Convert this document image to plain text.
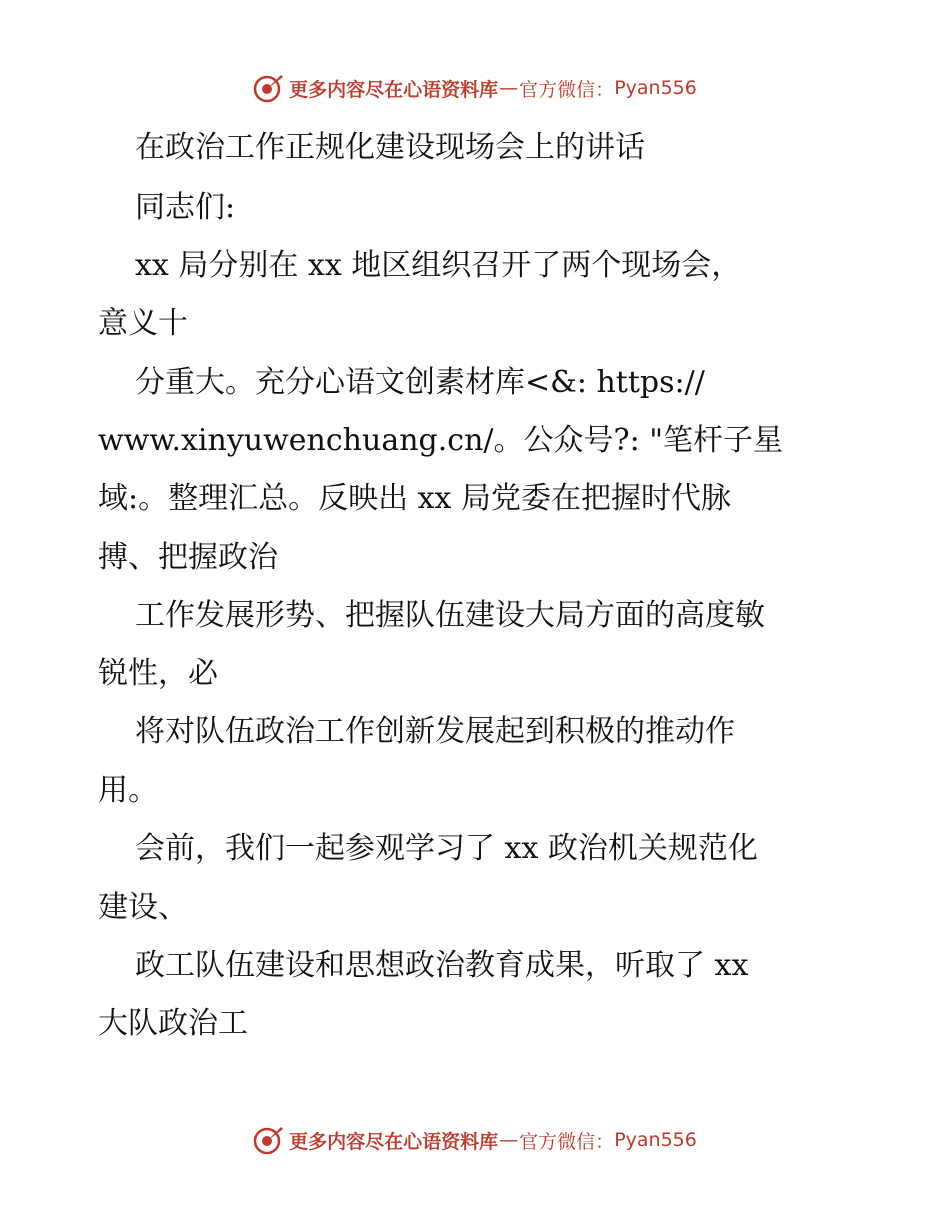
更多内容尽在心语资料库 — 官方微信： Pyan556
在政治工作正规化建设现场会上的讲话
同志们:
xx 局分别在 xx 地区组织召开了两个现场会，
意义十
分重大。充分心语文创素材库<&: https://
www.xinyuwenchuang.cn/。公众号?: "笔杆子星
域:。整理汇总。反映出 xx 局党委在把握时代脉
搏、把握政治
工作发展形势、把握队伍建设大局方面的高度敏
锐性，必
将对队伍政治工作创新发展起到积极的推动作
用。
会前，我们一起参观学习了 xx 政治机关规范化
建设、
政工队伍建设和思想政治教育成果，听取了 xx
大队政治工
更多内容尽在心语资料库 — 官方微信： Pyan556
